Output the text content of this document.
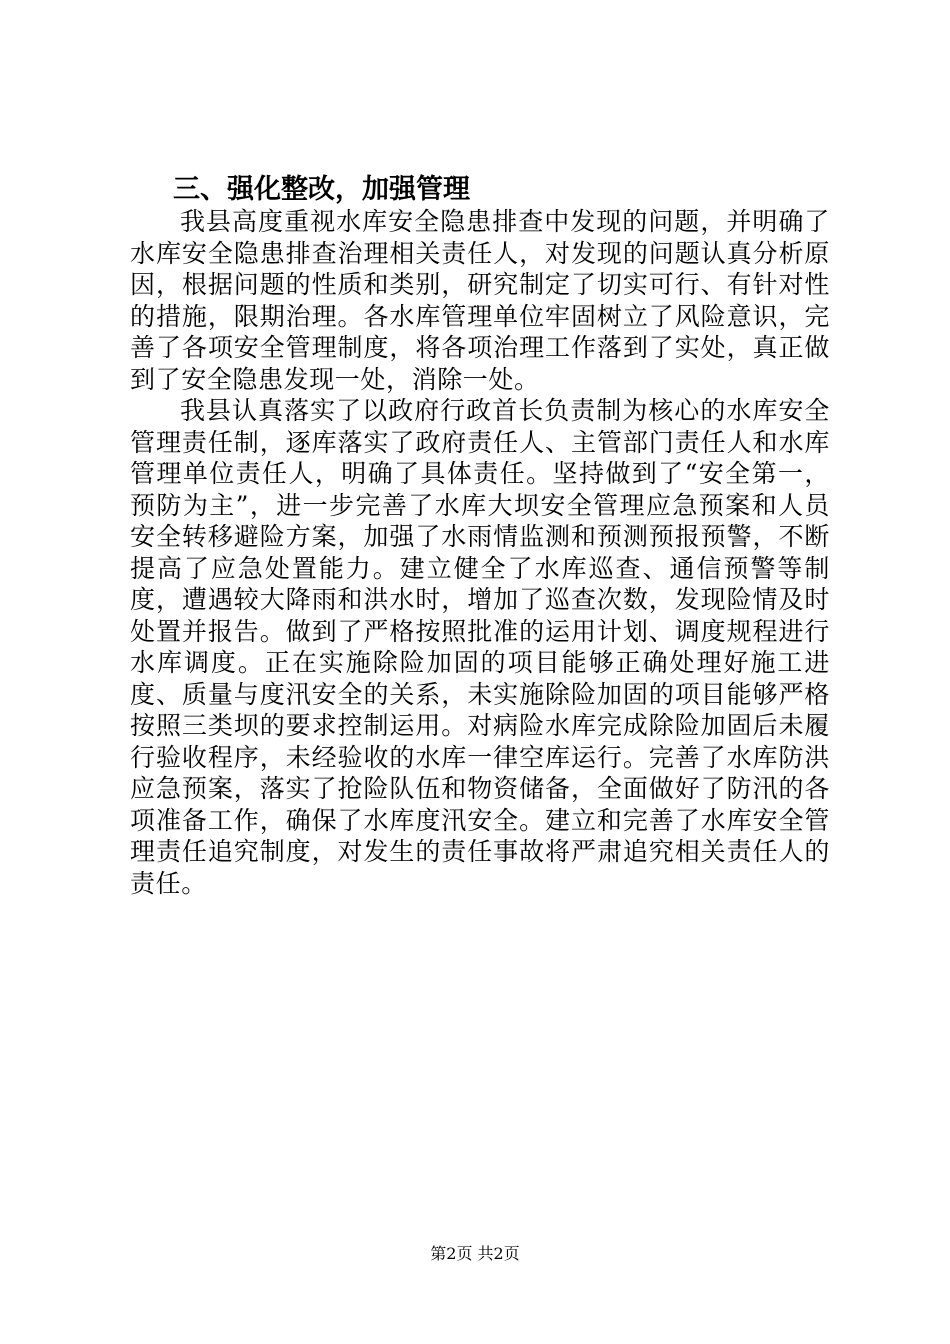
三、强化整改，加强管理

我县高度重视水库安全隐患排查中发现的问题，并明确了水库安全隐患排查治理相关责任人，对发现的问题认真分析原因，根据问题的性质和类别，研究制定了切实可行、有针对性的措施，限期治理。各水库管理单位牢固树立了风险意识，完善了各项安全管理制度，将各项治理工作落到了实处，真正做到了安全隐患发现一处，消除一处。

我县认真落实了以政府行政首长负责制为核心的水库安全管理责任制，逐库落实了政府责任人、主管部门责任人和水库管理单位责任人，明确了具体责任。坚持做到了“安全第一，预防为主”，进一步完善了水库大坝安全管理应急预案和人员安全转移避险方案，加强了水雨情监测和预测预报预警，不断提高了应急处置能力。建立健全了水库巡查、通信预警等制度，遭遇较大降雨和洪水时，增加了巡查次数，发现险情及时处置并报告。做到了严格按照批准的运用计划、调度规程进行水库调度。正在实施除险加固的项目能够正确处理好施工进度、质量与度汛安全的关系，未实施除险加固的项目能够严格按照三类坝的要求控制运用。对病险水库完成除险加固后未履行验收程序，未经验收的水库一律空库运行。完善了水库防洪应急预案，落实了抢险队伍和物资储备，全面做好了防汛的各项准备工作，确保了水库度汛安全。建立和完善了水库安全管理责任追究制度，对发生的责任事故将严肃追究相关责任人的责任。

第2页 共2页
